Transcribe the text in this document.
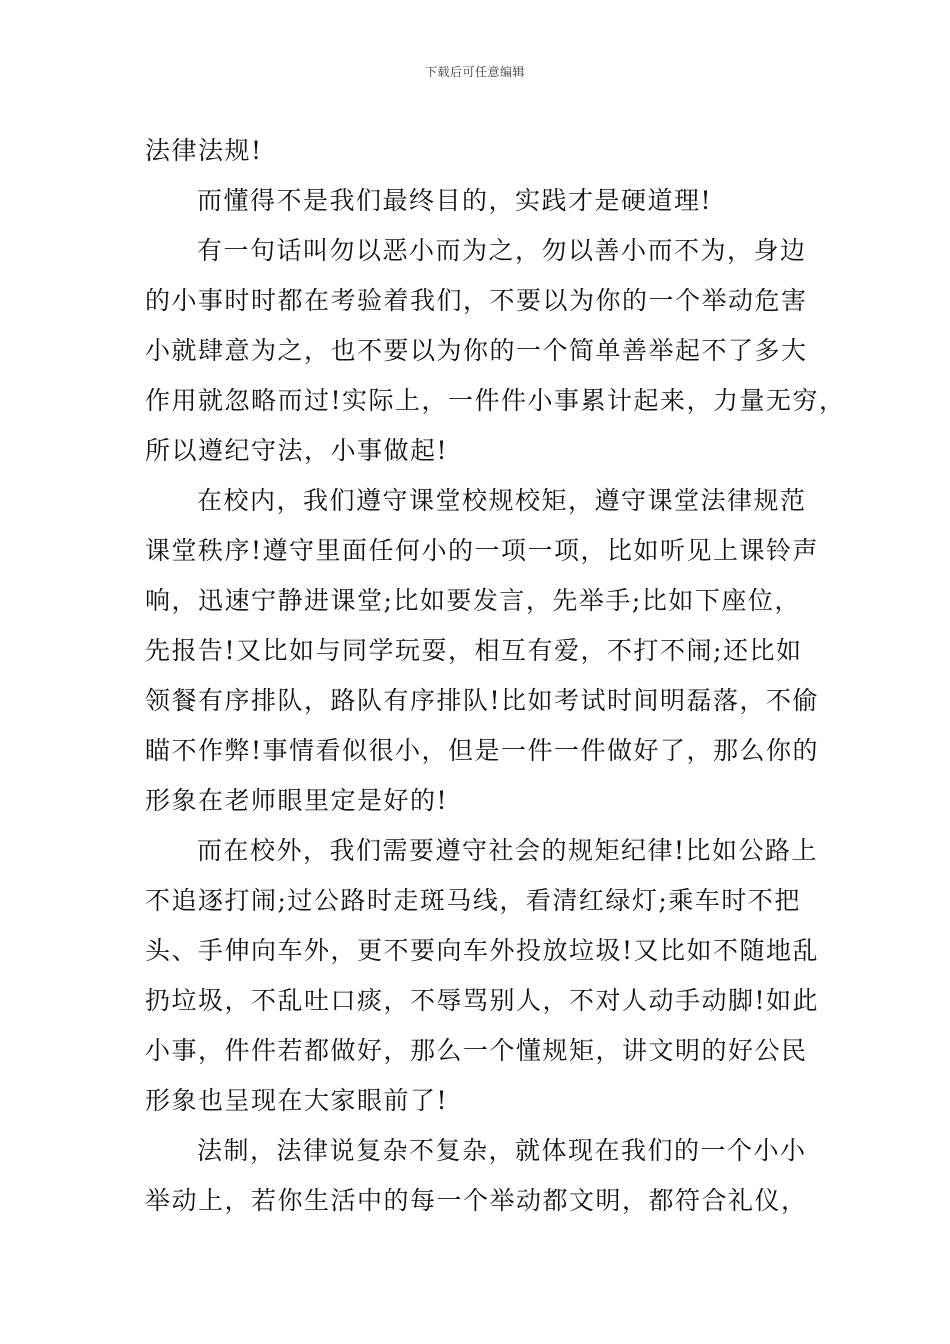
下载后可任意编辑
法律法规!
而懂得不是我们最终目的，实践才是硬道理!
有一句话叫勿以恶小而为之，勿以善小而不为，身边
的小事时时都在考验着我们，不要以为你的一个举动危害
小就肆意为之，也不要以为你的一个简单善举起不了多大
作用就忽略而过!实际上，一件件小事累计起来，力量无穷，
所以遵纪守法，小事做起!
在校内，我们遵守课堂校规校矩，遵守课堂法律规范
课堂秩序!遵守里面任何小的一项一项，比如听见上课铃声
响，迅速宁静进课堂;比如要发言，先举手;比如下座位，
先报告!又比如与同学玩耍，相互有爱，不打不闹;还比如
领餐有序排队，路队有序排队!比如考试时间明磊落，不偷
瞄不作弊!事情看似很小，但是一件一件做好了，那么你的
形象在老师眼里定是好的!
而在校外，我们需要遵守社会的规矩纪律!比如公路上
不追逐打闹;过公路时走斑马线，看清红绿灯;乘车时不把
头、手伸向车外，更不要向车外投放垃圾!又比如不随地乱
扔垃圾，不乱吐口痰，不辱骂别人，不对人动手动脚!如此
小事，件件若都做好，那么一个懂规矩，讲文明的好公民
形象也呈现在大家眼前了!
法制，法律说复杂不复杂，就体现在我们的一个小小
举动上，若你生活中的每一个举动都文明，都符合礼仪，
